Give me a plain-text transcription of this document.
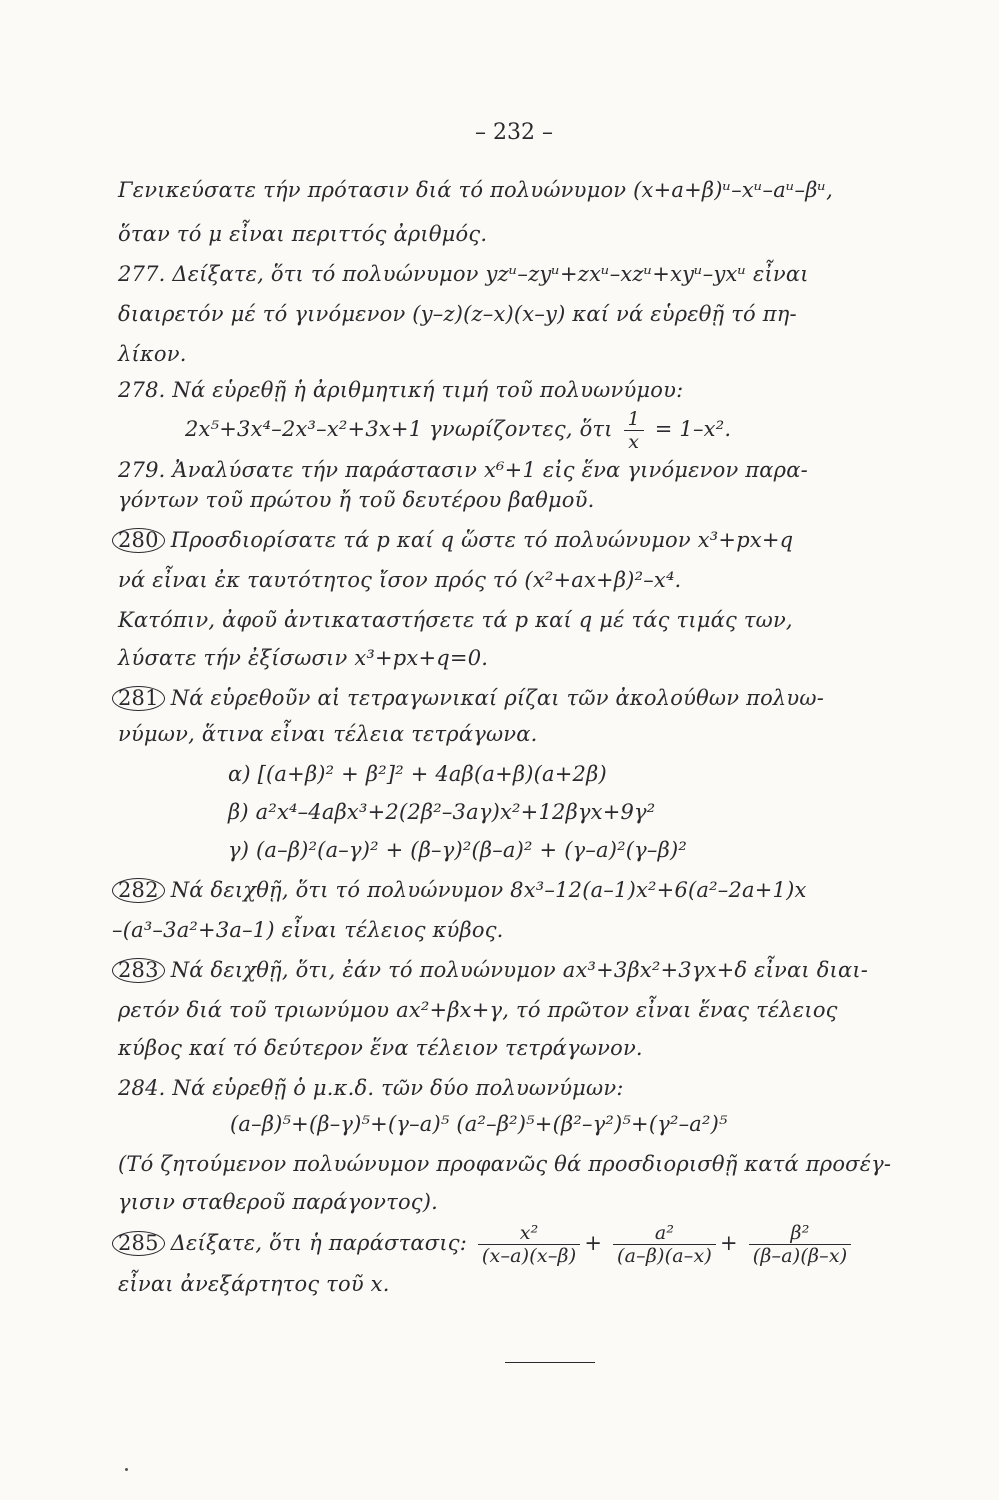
– 232 –
Γενικεύσατε τήν πρότασιν διά τό πολυώνυμον (x+a+β)ᵘ–xᵘ–aᵘ–βᵘ,
ὅταν τό μ εἶναι περιττός ἀριθμός.
277. Δείξατε, ὅτι τό πολυώνυμον yzᵘ–zyᵘ+zxᵘ–xzᵘ+xyᵘ–yxᵘ εἶναι
διαιρετόν μέ τό γινόμενον (y–z)(z–x)(x–y) καί νά εὑρεθῇ τό πη-
λίκον.
278. Νά εὑρεθῇ ἡ ἀριθμητική τιμή τοῦ πολυωνύμου:
2x⁵+3x⁴–2x³–x²+3x+1 γνωρίζοντες, ὅτι $\frac{1}{x} = 1-x^2$.
279. Ἀναλύσατε τήν παράστασιν x⁶+1 εἰς ἕνα γινόμενον παρα-
γόντων τοῦ πρώτου ἤ τοῦ δευτέρου βαθμοῦ.
280 Προσδιορίσατε τά p καί q ὥστε τό πολυώνυμον x³+px+q
νά εἶναι ἐκ ταυτότητος ἴσον πρός τό (x²+ax+β)²–x⁴.
Κατόπιν, ἀφοῦ ἀντικαταστήσετε τά p καί q μέ τάς τιμάς των,
λύσατε τήν ἐξίσωσιν x³+px+q=0.
281 Νά εὑρεθοῦν αἱ τετραγωνικαί ρίζαι τῶν ἀκολούθων πολυω-
νύμων, ἅτινα εἶναι τέλεια τετράγωνα.
α) [(a+β)² + β²]² + 4aβ(a+β)(a+2β)
β) a²x⁴–4aβx³+2(2β²–3aγ)x²+12βγx+9γ²
γ) (a–β)²(a–γ)² + (β–γ)²(β–a)² + (γ–a)²(γ–β)²
282 Νά δειχθῇ, ὅτι τό πολυώνυμον 8x³–12(a–1)x²+6(a²–2a+1)x
–(a³–3a²+3a–1) εἶναι τέλειος κύβος.
283 Νά δειχθῇ, ὅτι, ἐάν τό πολυώνυμον ax³+3βx²+3γx+δ εἶναι διαι-
ρετόν διά τοῦ τριωνύμου ax²+βx+γ, τό πρῶτον εἶναι ἕνας τέλειος
κύβος καί τό δεύτερον ἕνα τέλειον τετράγωνον.
284. Νά εὑρεθῇ ὁ μ.κ.δ. τῶν δύο πολυωνύμων:
(a–β)⁵+(β–γ)⁵+(γ–a)⁵ (a²–β²)⁵+(β²–γ²)⁵+(γ²–a²)⁵
(Τό ζητούμενον πολυώνυμον προφανῶς θά προσδιορισθῇ κατά προσέγ-
γισιν σταθεροῦ παράγοντος).
285 Δείξατε, ὅτι ἡ παράστασις: $\frac{\text{x²}}{(x-a)(x-\beta)} + \frac{\text{a²}}{(a-\beta)(a-x)} + \frac{\text{β²}}{(\beta-a)(\beta-x)}$
εἶναι ἀνεξάρτητος τοῦ x.
